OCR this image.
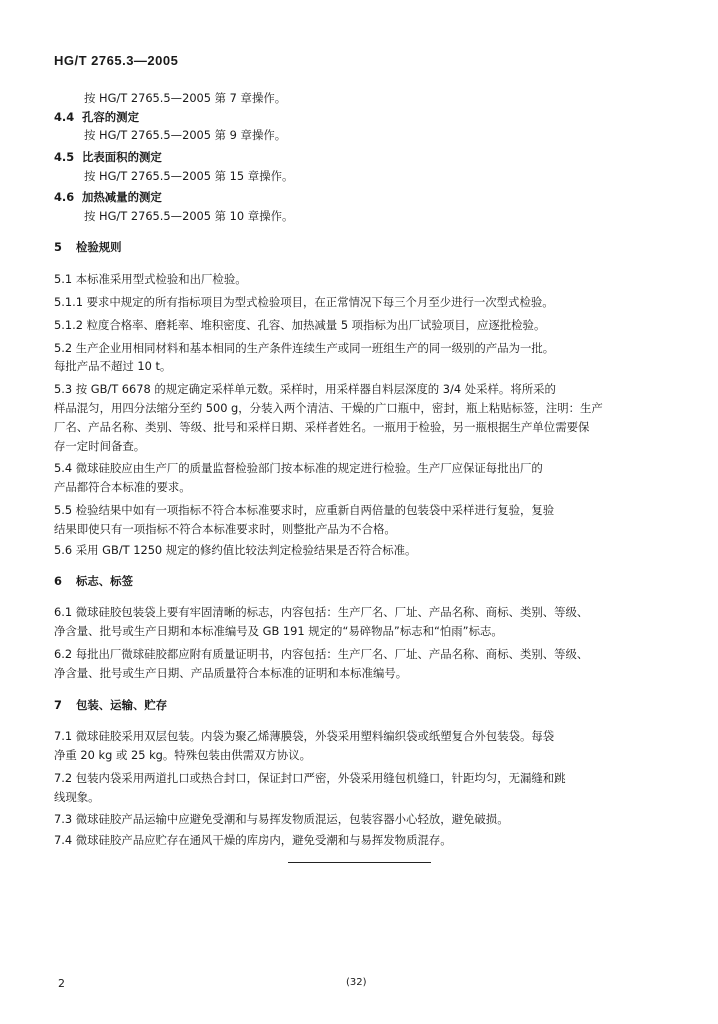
HG/T 2765.3—2005
按 HG/T 2765.5—2005 第 7 章操作。
4.4 孔容的测定
按 HG/T 2765.5—2005 第 9 章操作。
4.5 比表面积的测定
按 HG/T 2765.5—2005 第 15 章操作。
4.6 加热减量的测定
按 HG/T 2765.5—2005 第 10 章操作。
5 检验规则
5.1 本标准采用型式检验和出厂检验。
5.1.1 要求中规定的所有指标项目为型式检验项目，在正常情况下每三个月至少进行一次型式检验。
5.1.2 粒度合格率、磨耗率、堆积密度、孔容、加热减量 5 项指标为出厂试验项目，应逐批检验。
5.2 生产企业用相同材料和基本相同的生产条件连续生产或同一班组生产的同一级别的产品为一批。
每批产品不超过 10 t。
5.3 按 GB/T 6678 的规定确定采样单元数。采样时，用采样器自料层深度的 3/4 处采样。将所采的
样品混匀，用四分法缩分至约 500 g，分装入两个清洁、干燥的广口瓶中，密封，瓶上粘贴标签，注明：生产
厂名、产品名称、类别、等级、批号和采样日期、采样者姓名。一瓶用于检验，另一瓶根据生产单位需要保
存一定时间备查。
5.4 微球硅胶应由生产厂的质量监督检验部门按本标准的规定进行检验。生产厂应保证每批出厂的
产品都符合本标准的要求。
5.5 检验结果中如有一项指标不符合本标准要求时，应重新自两倍量的包装袋中采样进行复验，复验
结果即使只有一项指标不符合本标准要求时，则整批产品为不合格。
5.6 采用 GB/T 1250 规定的修约值比较法判定检验结果是否符合标准。
6 标志、标签
6.1 微球硅胶包装袋上要有牢固清晰的标志，内容包括：生产厂名、厂址、产品名称、商标、类别、等级、
净含量、批号或生产日期和本标准编号及 GB 191 规定的“易碎物品”标志和“怕雨”标志。
6.2 每批出厂微球硅胶都应附有质量证明书，内容包括：生产厂名、厂址、产品名称、商标、类别、等级、
净含量、批号或生产日期、产品质量符合本标准的证明和本标准编号。
7 包装、运输、贮存
7.1 微球硅胶采用双层包装。内袋为聚乙烯薄膜袋，外袋采用塑料编织袋或纸塑复合外包装袋。每袋
净重 20 kg 或 25 kg。特殊包装由供需双方协议。
7.2 包装内袋采用两道扎口或热合封口，保证封口严密，外袋采用缝包机缝口，针距均匀，无漏缝和跳
线现象。
7.3 微球硅胶产品运输中应避免受潮和与易挥发物质混运，包装容器小心轻放，避免破损。
7.4 微球硅胶产品应贮存在通风干燥的库房内，避免受潮和与易挥发物质混存。
2	(32)
